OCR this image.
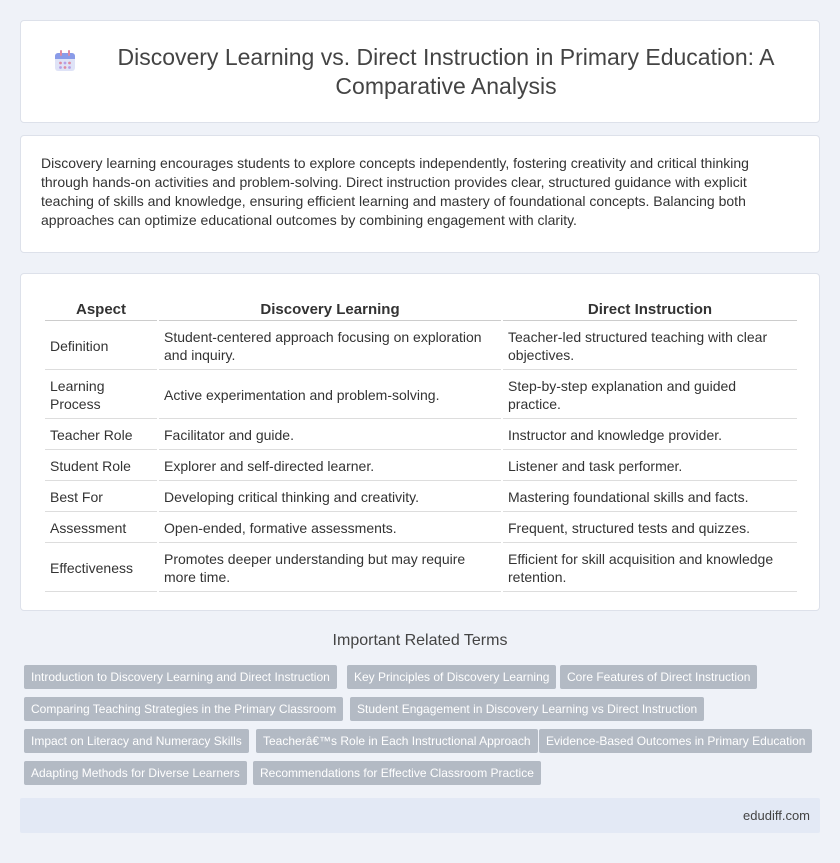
Discovery Learning vs. Direct Instruction in Primary Education: A Comparative Analysis

Discovery learning encourages students to explore concepts independently, fostering creativity and critical thinking through hands-on activities and problem-solving. Direct instruction provides clear, structured guidance with explicit teaching of skills and knowledge, ensuring efficient learning and mastery of foundational concepts. Balancing both approaches can optimize educational outcomes by combining engagement with clarity.

Aspect	Discovery Learning	Direct Instruction
Definition	Student-centered approach focusing on exploration and inquiry.	Teacher-led structured teaching with clear objectives.
Learning Process	Active experimentation and problem-solving.	Step-by-step explanation and guided practice.
Teacher Role	Facilitator and guide.	Instructor and knowledge provider.
Student Role	Explorer and self-directed learner.	Listener and task performer.
Best For	Developing critical thinking and creativity.	Mastering foundational skills and facts.
Assessment	Open-ended, formative assessments.	Frequent, structured tests and quizzes.
Effectiveness	Promotes deeper understanding but may require more time.	Efficient for skill acquisition and knowledge retention.
Important Related Terms
Introduction to Discovery Learning and Direct Instruction	Key Principles of Discovery Learning	Core Features of Direct Instruction
Comparing Teaching Strategies in the Primary Classroom	Student Engagement in Discovery Learning vs Direct Instruction
Impact on Literacy and Numeracy Skills	Teacherâ€™s Role in Each Instructional Approach	Evidence-Based Outcomes in Primary Education
Adapting Methods for Diverse Learners	Recommendations for Effective Classroom Practice
edudiff.com
